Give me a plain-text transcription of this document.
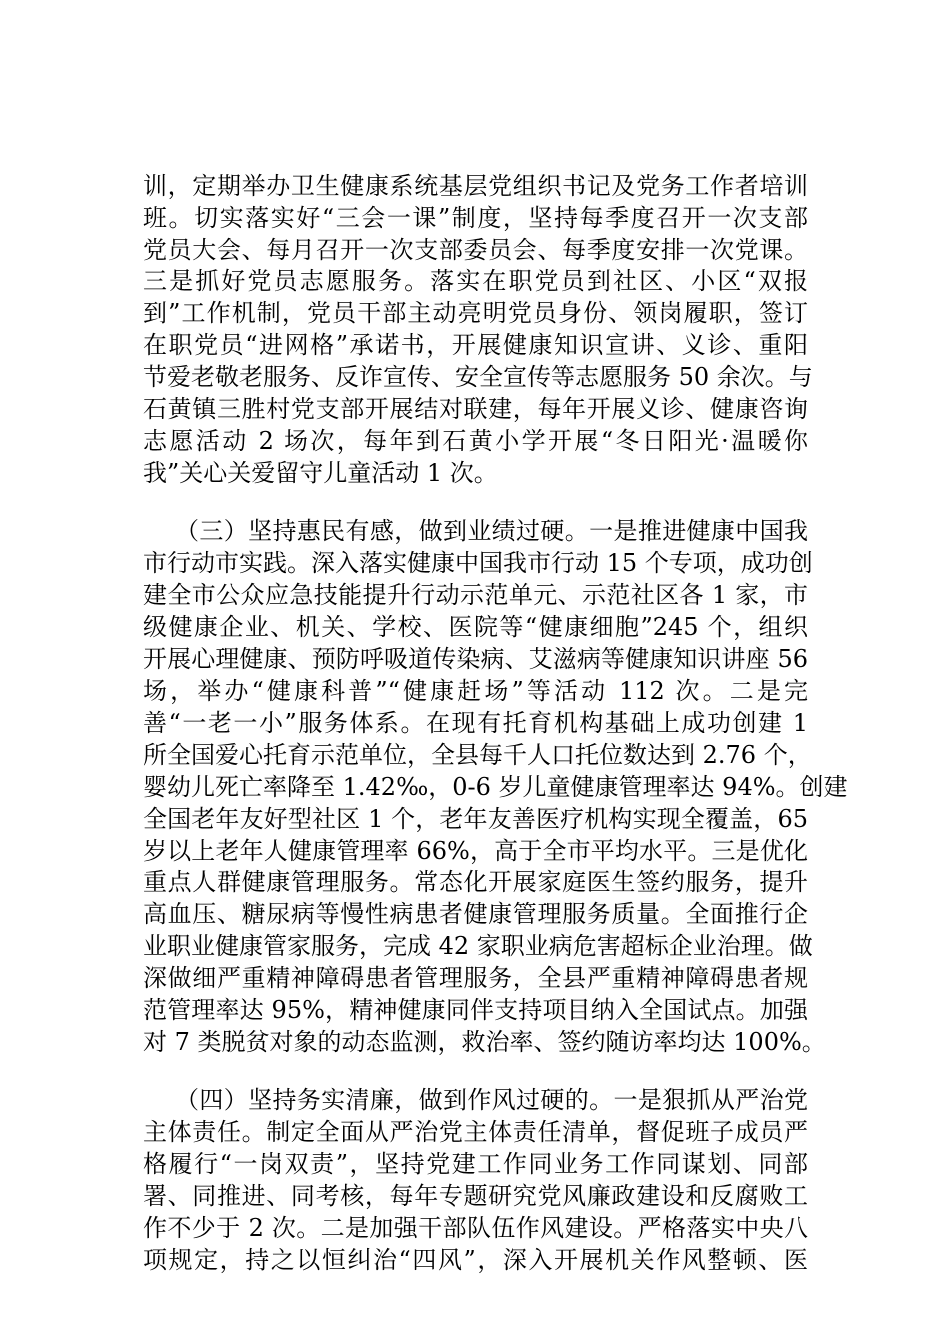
训，定期举办卫生健康系统基层党组织书记及党务工作者培训
班。切实落实好“三会一课”制度，坚持每季度召开一次支部
党员大会、每月召开一次支部委员会、每季度安排一次党课。
三是抓好党员志愿服务。落实在职党员到社区、小区“双报
到”工作机制，党员干部主动亮明党员身份、领岗履职，签订
在职党员“进网格”承诺书，开展健康知识宣讲、义诊、重阳
节爱老敬老服务、反诈宣传、安全宣传等志愿服务 50 余次。与
石黄镇三胜村党支部开展结对联建，每年开展义诊、健康咨询
志愿活动 2 场次，每年到石黄小学开展“冬日阳光·温暖你
我”关心关爱留守儿童活动 1 次。
（三）坚持惠民有感，做到业绩过硬。一是推进健康中国我
市行动市实践。深入落实健康中国我市行动 15 个专项，成功创
建全市公众应急技能提升行动示范单元、示范社区各 1 家，市
级健康企业、机关、学校、医院等“健康细胞”245 个，组织
开展心理健康、预防呼吸道传染病、艾滋病等健康知识讲座 56
场，举办“健康科普”“健康赶场”等活动 112 次。二是完
善“一老一小”服务体系。在现有托育机构基础上成功创建 1
所全国爱心托育示范单位，全县每千人口托位数达到 2.76 个，
婴幼儿死亡率降至 1.42‰，0-6 岁儿童健康管理率达 94%。创建
全国老年友好型社区 1 个，老年友善医疗机构实现全覆盖，65
岁以上老年人健康管理率 66%，高于全市平均水平。三是优化
重点人群健康管理服务。常态化开展家庭医生签约服务，提升
高血压、糖尿病等慢性病患者健康管理服务质量。全面推行企
业职业健康管家服务，完成 42 家职业病危害超标企业治理。做
深做细严重精神障碍患者管理服务，全县严重精神障碍患者规
范管理率达 95%，精神健康同伴支持项目纳入全国试点。加强
对 7 类脱贫对象的动态监测，救治率、签约随访率均达 100%。
（四）坚持务实清廉，做到作风过硬的。一是狠抓从严治党
主体责任。制定全面从严治党主体责任清单，督促班子成员严
格履行“一岗双责”，坚持党建工作同业务工作同谋划、同部
署、同推进、同考核，每年专题研究党风廉政建设和反腐败工
作不少于 2 次。二是加强干部队伍作风建设。严格落实中央八
项规定，持之以恒纠治“四风”，深入开展机关作风整顿、医
